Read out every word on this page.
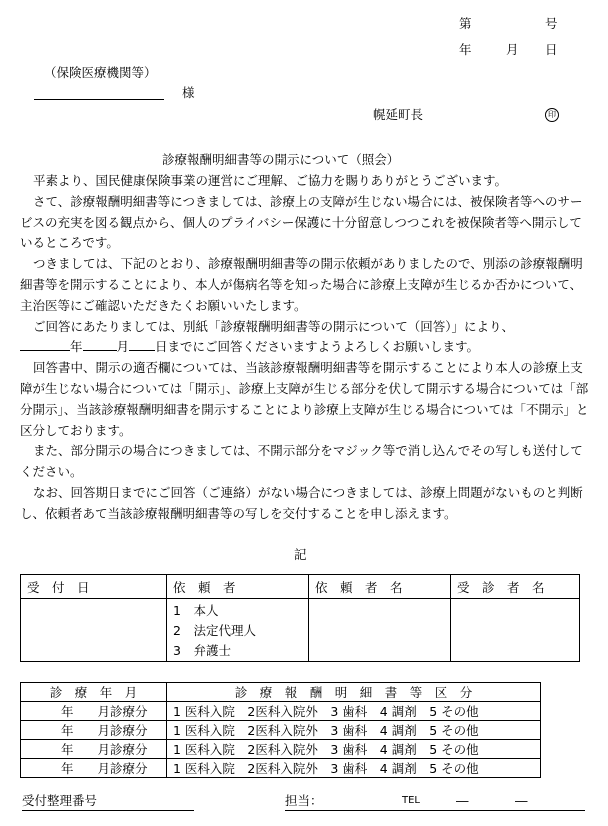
第	号
年	月 日
（保険医療機関等）
様
幌延町長	印
診療報酬明細書等の開示について（照会）

平素より、国民健康保険事業の運営にご理解、ご協力を賜りありがとうございます。

さて、診療報酬明細書等につきましては、診療上の支障が生じない場合には、被保険者等へのサービスの充実を図る観点から、個人のプライバシー保護に十分留意しつつこれを被保険者等へ開示しているところです。

つきましては、下記のとおり、診療報酬明細書等の開示依頼がありましたので、別添の診療報酬明細書等を開示することにより、本人が傷病名等を知った場合に診療上支障が生じるか否かについて、主治医等にご確認いただきたくお願いいたします。

ご回答にあたりましては、別紙「診療報酬明細書等の開示について（回答）」により、

年	月 日までにご回答くださいますようよろしくお願いします。

回答書中、開示の適否欄については、当該診療報酬明細書等を開示することにより本人の診療上支障が生じない場合については「開示」、診療上支障が生じる部分を伏して開示する場合については「部分開示」、当該診療報酬明細書を開示することにより診療上支障が生じる場合については「不開示」と区分しております。

また、部分開示の場合につきましては、不開示部分をマジック等で消し込んでその写しも送付してください。

なお、回答期日までにご回答（ご連絡）がない場合につきましては、診療上問題がないものと判断し、依頼者あて当該診療報酬明細書等の写しを交付することを申し添えます。

記
受　付　日	依　頼　者	依　頼　者　名	受　診　者　名

	1　本人
2　法定代理人
3　弁護士		

診　療　年　月	診　療　報　酬　明　細　書　等　区　分
年 月診療分	1 医科入院　2医科入院外　3 歯科　4 調剤　5 その他
年 月診療分	1 医科入院　2医科入院外　3 歯科　4 調剤　5 その他
年 月診療分	1 医科入院　2医科入院外　3 歯科　4 調剤　5 その他
年 月診療分	1 医科入院　2医科入院外　3 歯科　4 調剤　5 その他
受付整理番号	担当：	TEL	―	―
